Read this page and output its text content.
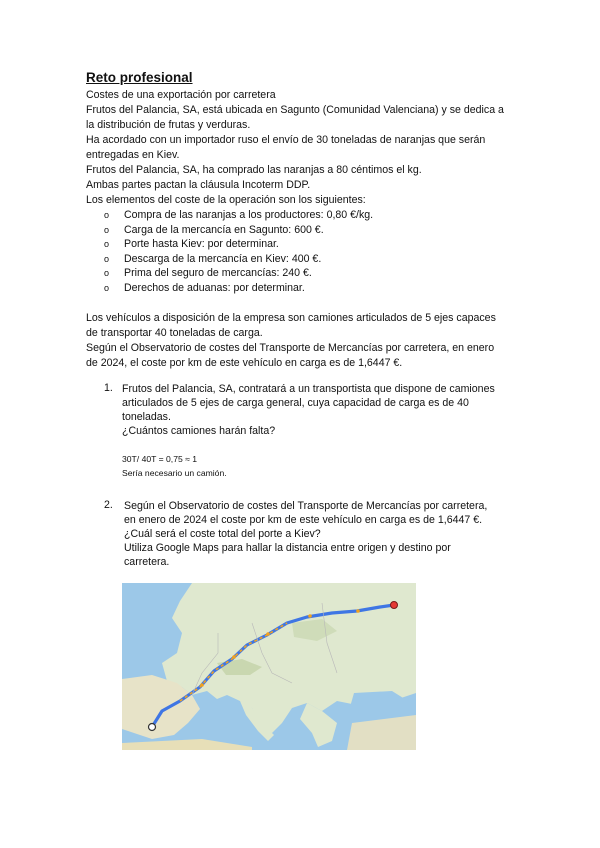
Reto profesional
Costes de una exportación por carretera
Frutos del Palancia, SA, está ubicada en Sagunto (Comunidad Valenciana) y se dedica a
la distribución de frutas y verduras.
Ha acordado con un importador ruso el envío de 30 toneladas de naranjas que serán
entregadas en Kiev.
Frutos del Palancia, SA, ha comprado las naranjas a 80 céntimos el kg.
Ambas partes pactan la cláusula Incoterm DDP.
Los elementos del coste de la operación son los siguientes:
o Compra de las naranjas a los productores: 0,80 €/kg.
o Carga de la mercancía en Sagunto: 600 €.
o Porte hasta Kiev: por determinar.
o Descarga de la mercancía en Kiev: 400 €.
o Prima del seguro de mercancías: 240 €.
o Derechos de aduanas: por determinar.
Los vehículos a disposición de la empresa son camiones articulados de 5 ejes capaces
de transportar 40 toneladas de carga.
Según el Observatorio de costes del Transporte de Mercancías por carretera, en enero
de 2024, el coste por km de este vehículo en carga es de 1,6447 €.
1. Frutos del Palancia, SA, contratará a un transportista que dispone de camiones
articulados de 5 ejes de carga general, cuya capacidad de carga es de 40
toneladas.
¿Cuántos camiones harán falta?
30T/ 40T = 0,75 ≈ 1
Sería necesario un camión.
2. Según el Observatorio de costes del Transporte de Mercancías por carretera,
en enero de 2024 el coste por km de este vehículo en carga es de 1,6447 €.
¿Cuál será el coste total del porte a Kiev?
Utiliza Google Maps para hallar la distancia entre origen y destino por
carretera.
